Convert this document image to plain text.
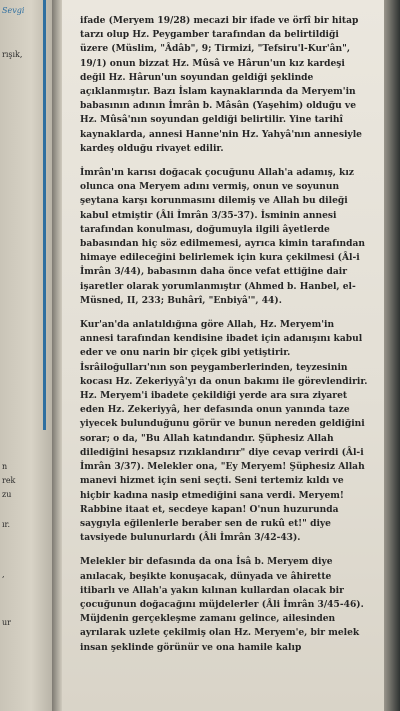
Sevgi
rışık,
n
rek
zu
ır.
,
ur

ifade (Meryem 19/28) mecazi bir ifade ve örfî bir hitap tarzı olup Hz. Peygamber tarafından da belirtildiği üzere (Müslim, "Âdâb", 9; Tirmizi, "Tefsiru'l-Kur'ân", 19/1) onun bizzat Hz. Mûsâ ve Hârun'un kız kardeşi değil Hz. Hârun'un soyundan geldiği şeklinde açıklanmıştır. Bazı İslam kaynaklarında da Meryem'in babasının adının İmrân b. Mâsân (Yaşehim) olduğu ve Hz. Mûsâ'nın soyundan geldiği belirtilir. Yine tarihî kaynaklarda, annesi Hanne'nin Hz. Yahyâ'nın annesiyle kardeş olduğu rivayet edilir.

İmrân'ın karısı doğacak çocuğunu Allah'a adamış, kız olunca ona Meryem adını vermiş, onun ve soyunun şeytana karşı korunmasını dilemiş ve Allah bu dileği kabul etmiştir (Âli İmrân 3/35-37). İsminin annesi tarafından konulması, doğumuyla ilgili âyetlerde babasından hiç söz edilmemesi, ayrıca kimin tarafından himaye edileceğini belirlemek için kura çekilmesi (Âl-i İmrân 3/44), babasının daha önce vefat ettiğine dair işaretler olarak yorumlanmıştır (Ahmed b. Hanbel, el-Müsned, II, 233; Buhârî, "Enbiyâ'", 44).

Kur'an'da anlatıldığına göre Allah, Hz. Meryem'in annesi tarafından kendisine ibadet için adanışını kabul eder ve onu narin bir çiçek gibi yetiştirir. İsrâiloğulları'nın son peygamberlerinden, teyzesinin kocası Hz. Zekeriyyâ'yı da onun bakımı ile görevlendirir. Hz. Meryem'i ibadete çekildiği yerde ara sıra ziyaret eden Hz. Zekeriyyâ, her defasında onun yanında taze yiyecek bulunduğunu görür ve bunun nereden geldiğini sorar; o da, "Bu Allah katındandır. Şüphesiz Allah dilediğini hesapsız rızıklandırır" diye cevap verirdi (Âl-i İmrân 3/37). Melekler ona, "Ey Meryem! Şüphesiz Allah manevi hizmet için seni seçti. Seni tertemiz kıldı ve hiçbir kadına nasip etmediğini sana verdi. Meryem! Rabbine itaat et, secdeye kapan! O'nun huzurunda saygıyla eğilenlerle beraber sen de rukû et!" diye tavsiyede bulunurlardı (Âli İmrân 3/42-43).

Melekler bir defasında da ona İsâ b. Meryem diye anılacak, beşikte konuşacak, dünyada ve âhirette itibarlı ve Allah'a yakın kılınan kullardan olacak bir çocuğunun doğacağını müjdelerler (Âli İmrân 3/45-46). Müjdenin gerçekleşme zamanı gelince, ailesinden ayrılarak uzlete çekilmiş olan Hz. Meryem'e, bir melek insan şeklinde görünür ve ona hamile kalıp
